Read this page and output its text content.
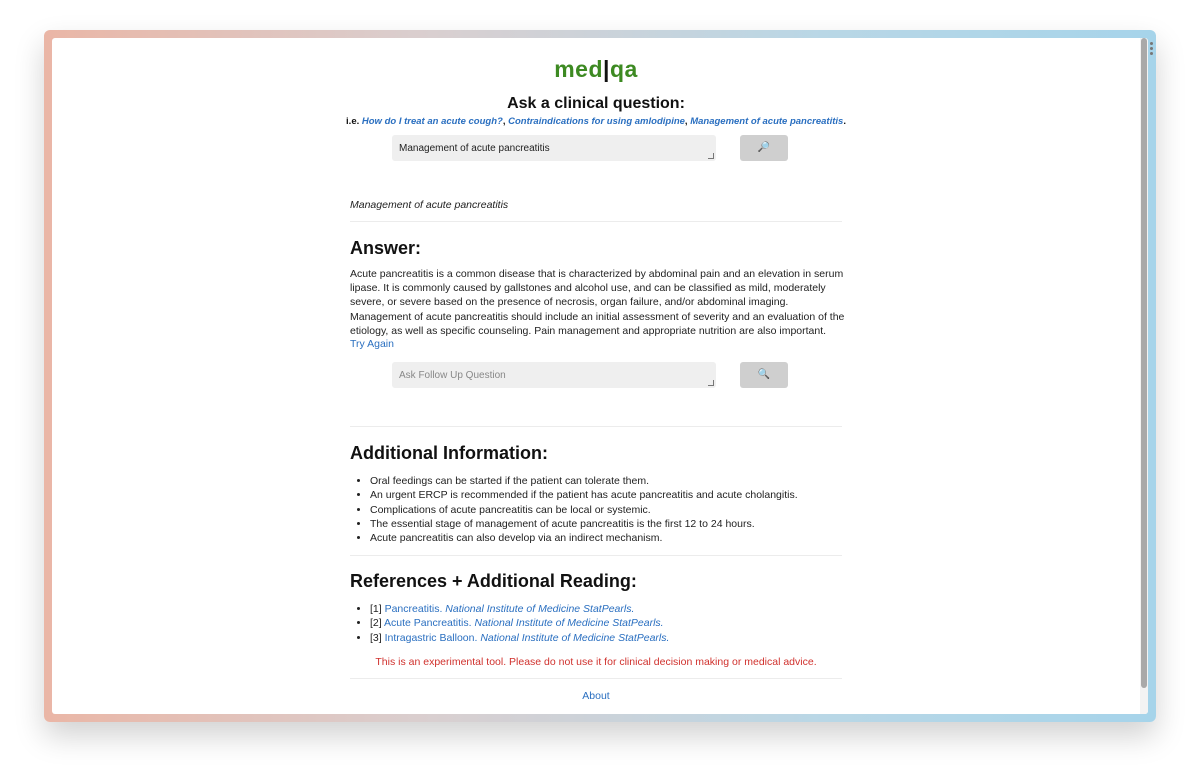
med|qa
Ask a clinical question:
i.e. How do I treat an acute cough?, Contraindications for using amlodipine, Management of acute pancreatitis.
Management of acute pancreatitis	🔎
Management of acute pancreatitis
Answer:
Acute pancreatitis is a common disease that is characterized by abdominal pain and an elevation in serum lipase. It is commonly caused by gallstones and alcohol use, and can be classified as mild, moderately severe, or severe based on the presence of necrosis, organ failure, and/or abdominal imaging. Management of acute pancreatitis should include an initial assessment of severity and an evaluation of the etiology, as well as specific counseling. Pain management and appropriate nutrition are also important.
Try Again
Ask Follow Up Question	🔍
Additional Information:
• Oral feedings can be started if the patient can tolerate them.
• An urgent ERCP is recommended if the patient has acute pancreatitis and acute cholangitis.
• Complications of acute pancreatitis can be local or systemic.
• The essential stage of management of acute pancreatitis is the first 12 to 24 hours.
• Acute pancreatitis can also develop via an indirect mechanism.
References + Additional Reading:
• [1] Pancreatitis. National Institute of Medicine StatPearls.
• [2] Acute Pancreatitis. National Institute of Medicine StatPearls.
• [3] Intragastric Balloon. National Institute of Medicine StatPearls.
This is an experimental tool. Please do not use it for clinical decision making or medical advice.
About
